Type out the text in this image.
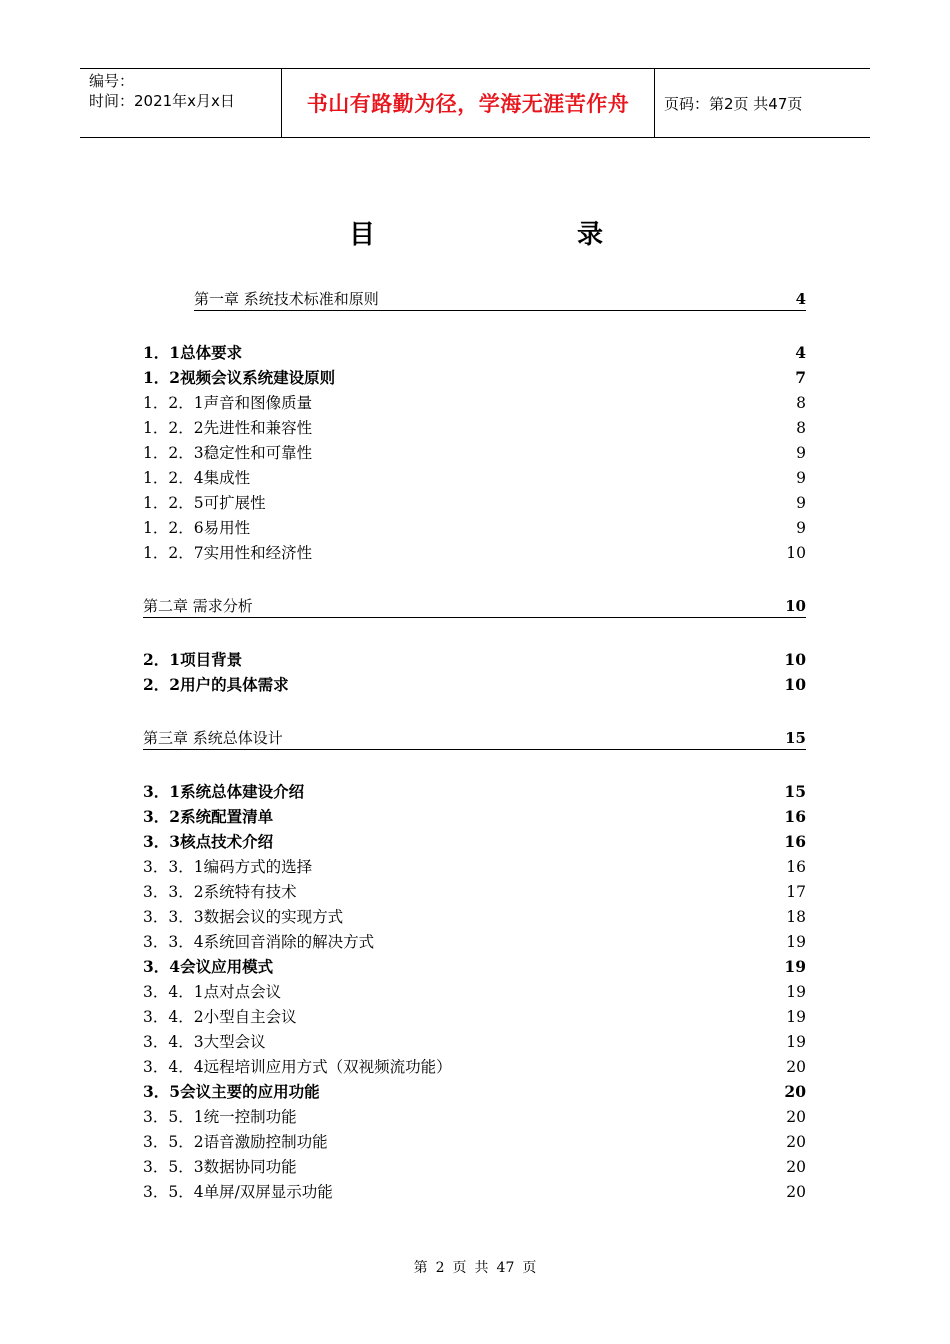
编号：
时间：2021年x月x日	书山有路勤为径，学海无涯苦作舟	页码：第2页 共47页
目	录
第一章 系统技术标准和原则	4
1．1总体要求	4
1．2视频会议系统建设原则	7
1．2．1声音和图像质量	8
1．2．2先进性和兼容性	8
1．2．3稳定性和可靠性	9
1．2．4集成性	9
1．2．5可扩展性	9
1．2．6易用性	9
1．2．7实用性和经济性	10
第二章 需求分析	10
2．1项目背景	10
2．2用户的具体需求	10
第三章 系统总体设计	15
3．1系统总体建设介绍	15
3．2系统配置清单	16
3．3核点技术介绍	16
3．3．1编码方式的选择	16
3．3．2系统特有技术	17
3．3．3数据会议的实现方式	18
3．3．4系统回音消除的解决方式	19
3．4会议应用模式	19
3．4．1点对点会议	19
3．4．2小型自主会议	19
3．4．3大型会议	19
3．4．4远程培训应用方式（双视频流功能）	20
3．5会议主要的应用功能	20
3．5．1统一控制功能	20
3．5．2语音激励控制功能	20
3．5．3数据协同功能	20
3．5．4单屏/双屏显示功能	20
第 2 页 共 47 页
